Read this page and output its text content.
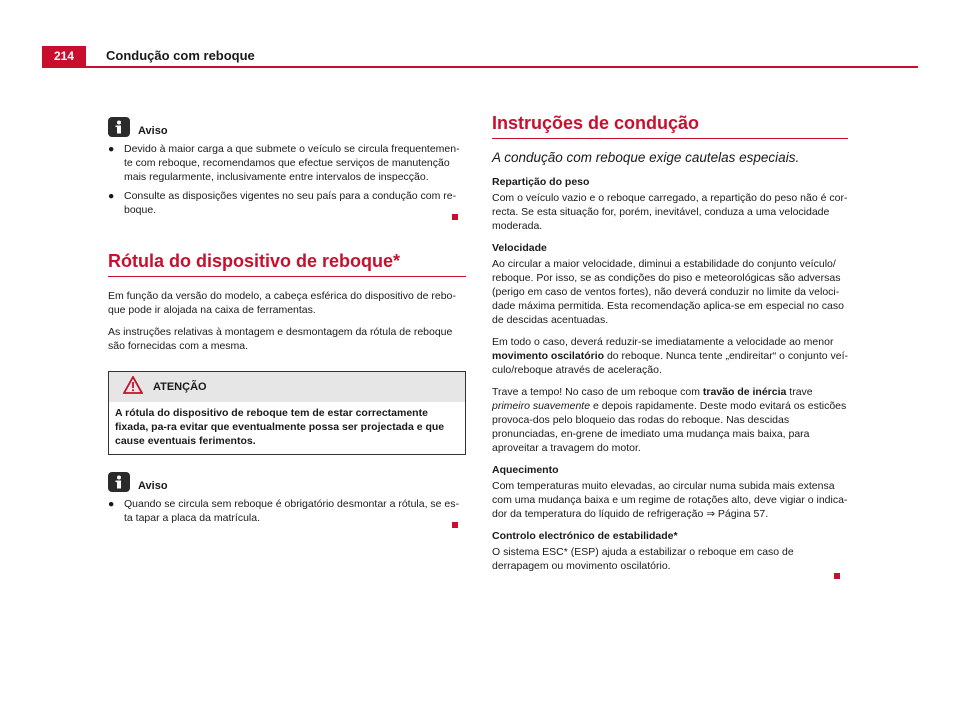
214	Condução com reboque
Aviso
● Devido à maior carga a que submete o veículo se circula frequentemen-te com reboque, recomendamos que efectue serviços de manutenção mais regularmente, inclusivamente entre intervalos de inspecção.
● Consulte as disposições vigentes no seu país para a condução com re-boque.
Rótula do dispositivo de reboque*

Em função da versão do modelo, a cabeça esférica do dispositivo de rebo-que pode ir alojada na caixa de ferramentas.

As instruções relativas à montagem e desmontagem da rótula de reboque são fornecidas com a mesma.

ATENÇÃO
A rótula do dispositivo de reboque tem de estar correctamente fixada, pa-ra evitar que eventualmente possa ser projectada e que cause eventuais ferimentos.
Aviso
● Quando se circula sem reboque é obrigatório desmontar a rótula, se es-ta tapar a placa da matrícula.
Instruções de condução
A condução com reboque exige cautelas especiais.
Repartição do peso

Com o veículo vazio e o reboque carregado, a repartição do peso não é cor-recta. Se esta situação for, porém, inevitável, conduza a uma velocidade moderada.

Velocidade

Ao circular a maior velocidade, diminui a estabilidade do conjunto veículo/ reboque. Por isso, se as condições do piso e meteorológicas são adversas (perigo em caso de ventos fortes), não deverá conduzir no limite da veloci-dade máxima permitida. Esta recomendação aplica-se em especial no caso de descidas acentuadas.

Em todo o caso, deverá reduzir-se imediatamente a velocidade ao menor movimento oscilatório do reboque. Nunca tente „endireitar“ o conjunto veí-culo/reboque através de aceleração.

Trave a tempo! No caso de um reboque com travão de inércia trave primeiro suavemente e depois rapidamente. Deste modo evitará os esticões provoca-dos pelo bloqueio das rodas do reboque. Nas descidas pronunciadas, en-grene de imediato uma mudança mais baixa, para aproveitar a travagem do motor.

Aquecimento

Com temperaturas muito elevadas, ao circular numa subida mais extensa com uma mudança baixa e um regime de rotações alto, deve vigiar o indica-dor da temperatura do líquido de refrigeração ⇒ Página 57.

Controlo electrónico de estabilidade*

O sistema ESC* (ESP) ajuda a estabilizar o reboque em caso de derrapagem ou movimento oscilatório.
